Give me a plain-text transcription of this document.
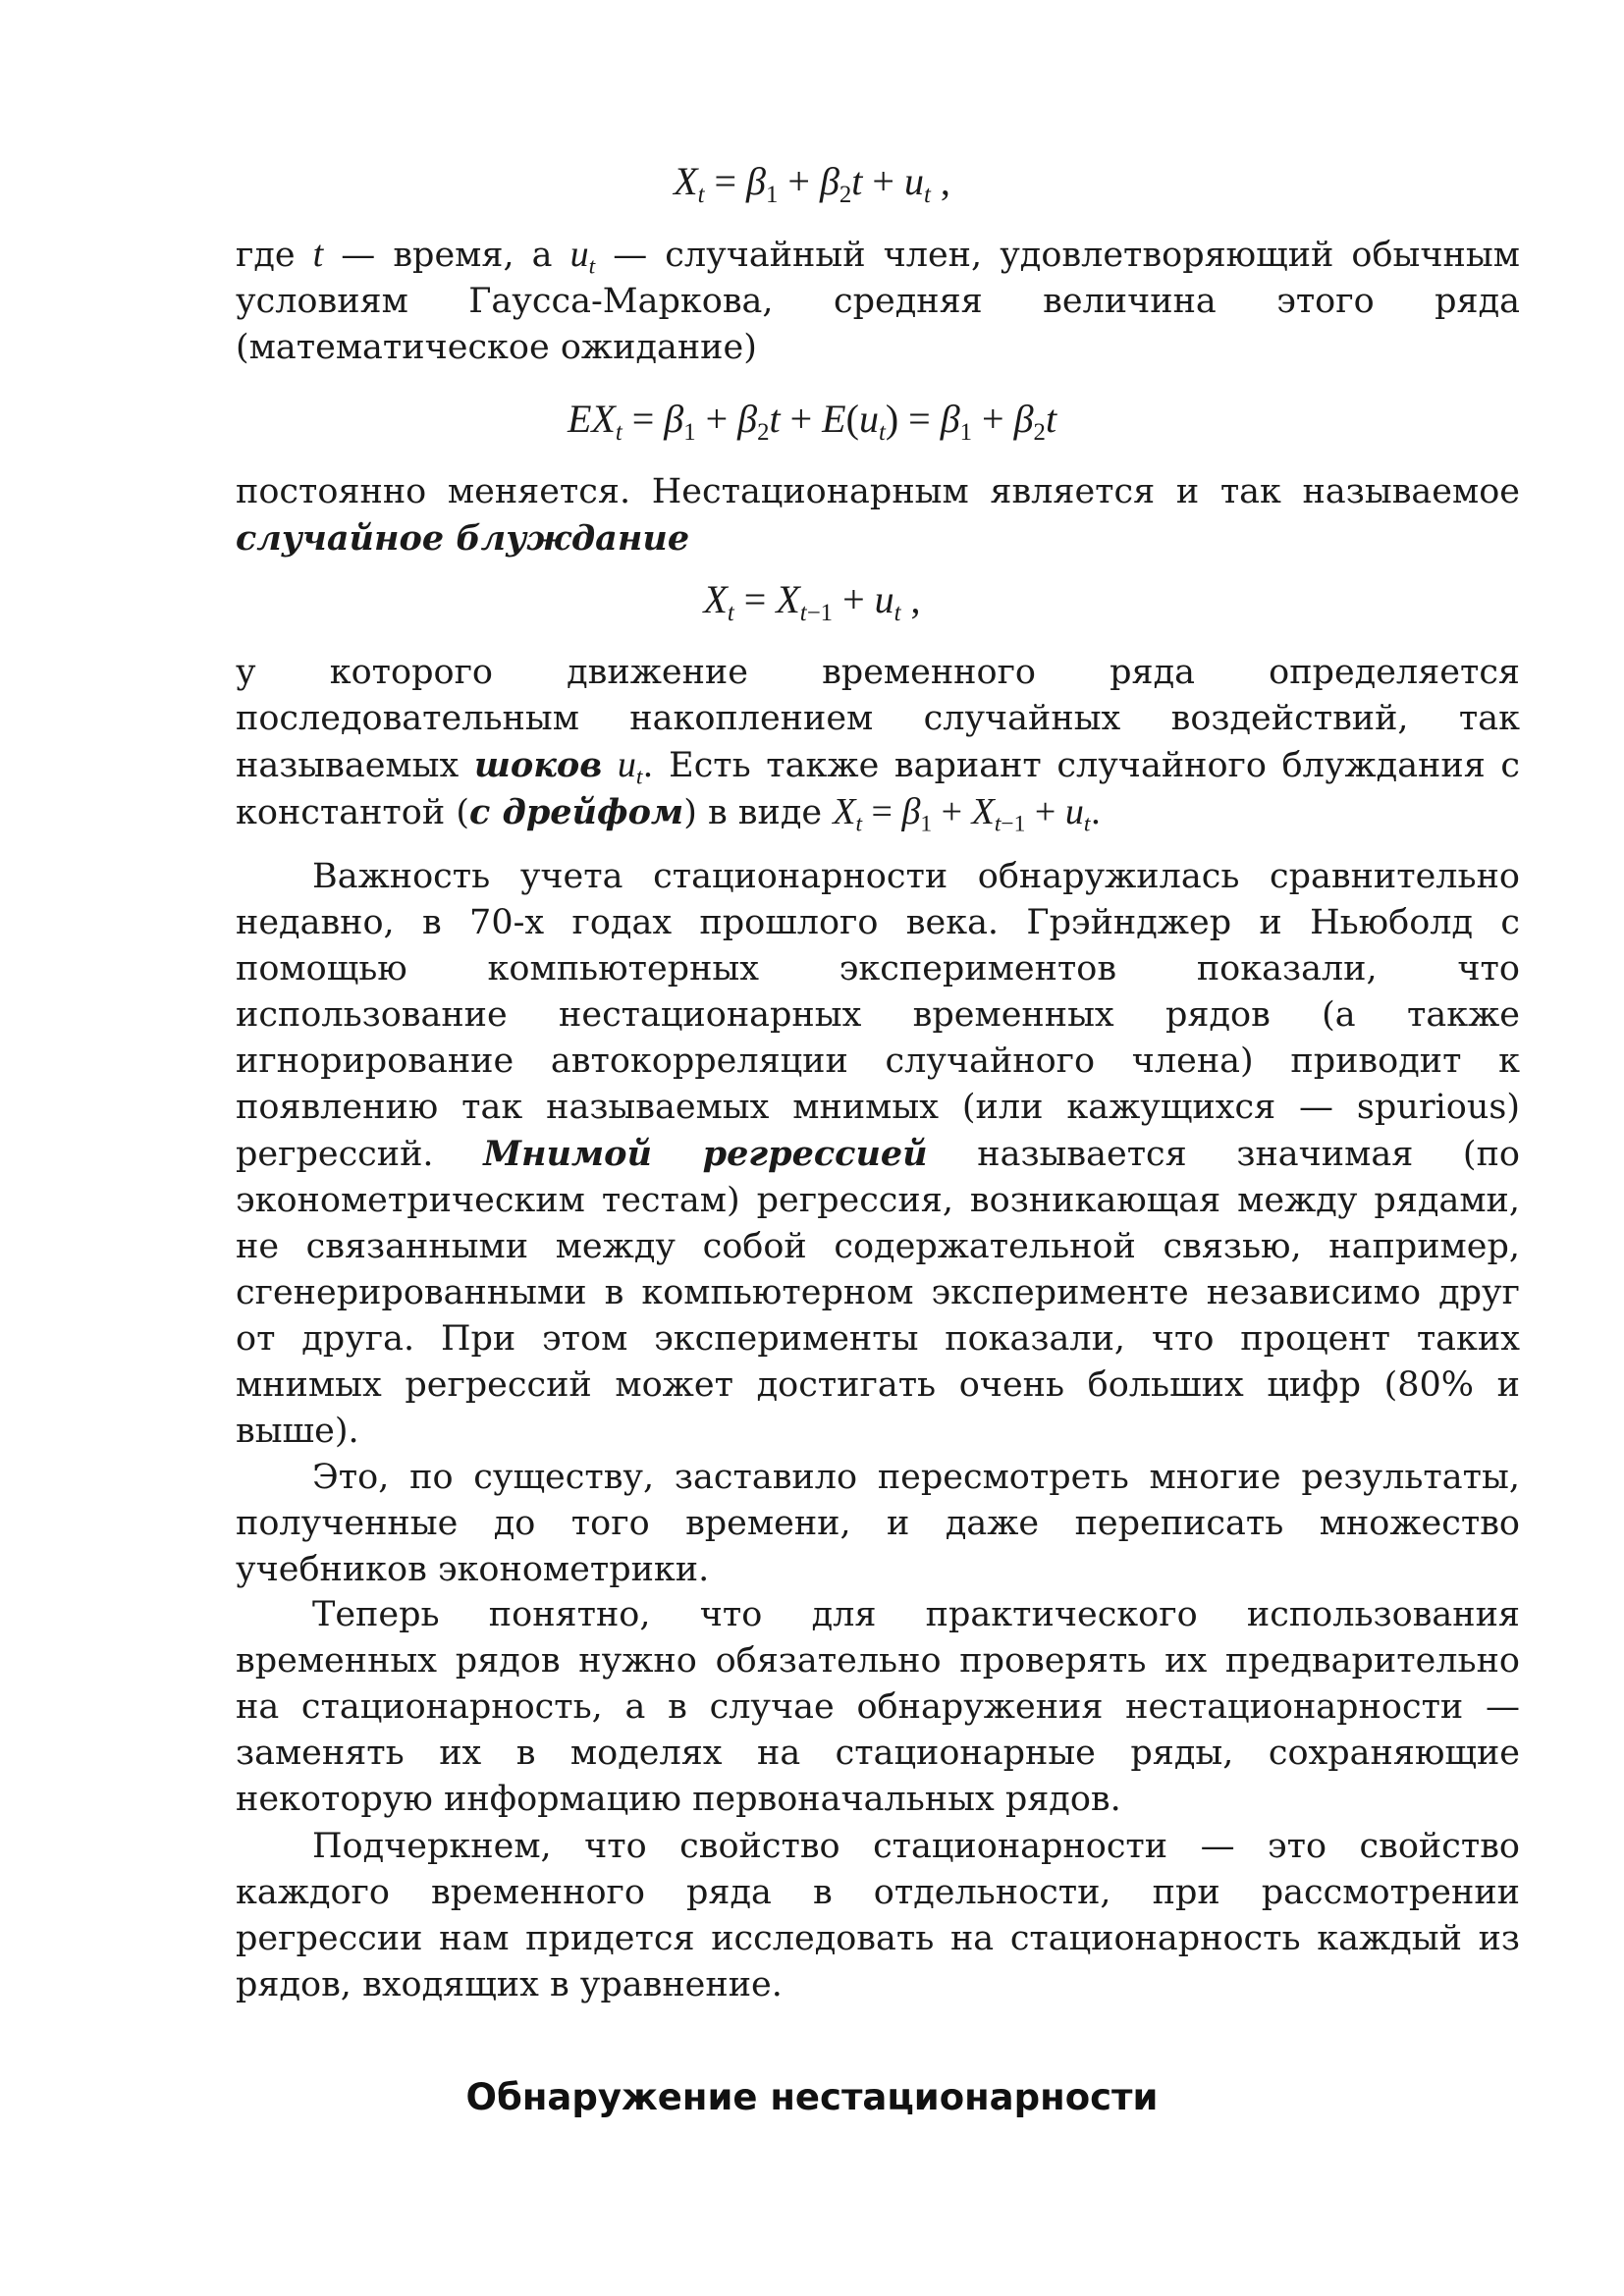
$X_t = \beta_1 + \beta_2t + u_t$ ,
где t — время, а $u_t$ — случайный член, удовлетворяющий обычным условиям Гаусса-Маркова, средняя величина этого ряда (математическое ожидание)
$EX_t = \beta_1 + \beta_2t + E(u_t) = \beta_1 + \beta_2t$
постоянно меняется. Нестационарным является и так называемое случайное блуждание
$X_t = X_{t-1} + u_t$ ,
у которого движение временного ряда определяется последовательным накоплением случайных воздействий, так называемых шоков $u_t$. Есть также вариант случайного блуждания с константой (с дрейфом) в виде $X_t = \beta_1 + X_{t-1} + u_t$.
Важность учета стационарности обнаружилась сравнительно недавно, в 70-х годах прошлого века. Грэйнджер и Ньюболд с помощью компьютерных экспериментов показали, что использование нестационарных временных рядов (а также игнорирование автокорреляции случайного члена) приводит к появлению так называемых мнимых (или кажущихся — spurious) регрессий. Мнимой регрессией называется значимая (по эконометрическим тестам) регрессия, возникающая между рядами, не связанными между собой содержательной связью, например, сгенерированными в компьютерном эксперименте независимо друг от друга. При этом эксперименты показали, что процент таких мнимых регрессий может достигать очень больших цифр (80% и выше).
Это, по существу, заставило пересмотреть многие результаты, полученные до того времени, и даже переписать множество учебников эконометрики.
Теперь понятно, что для практического использования временных рядов нужно обязательно проверять их предварительно на стационарность, а в случае обнаружения нестационарности — заменять их в моделях на стационарные ряды, сохраняющие некоторую информацию первоначальных рядов.
Подчеркнем, что свойство стационарности — это свойство каждого временного ряда в отдельности, при рассмотрении регрессии нам придется исследовать на стационарность каждый из рядов, входящих в уравнение.
Обнаружение нестационарности
